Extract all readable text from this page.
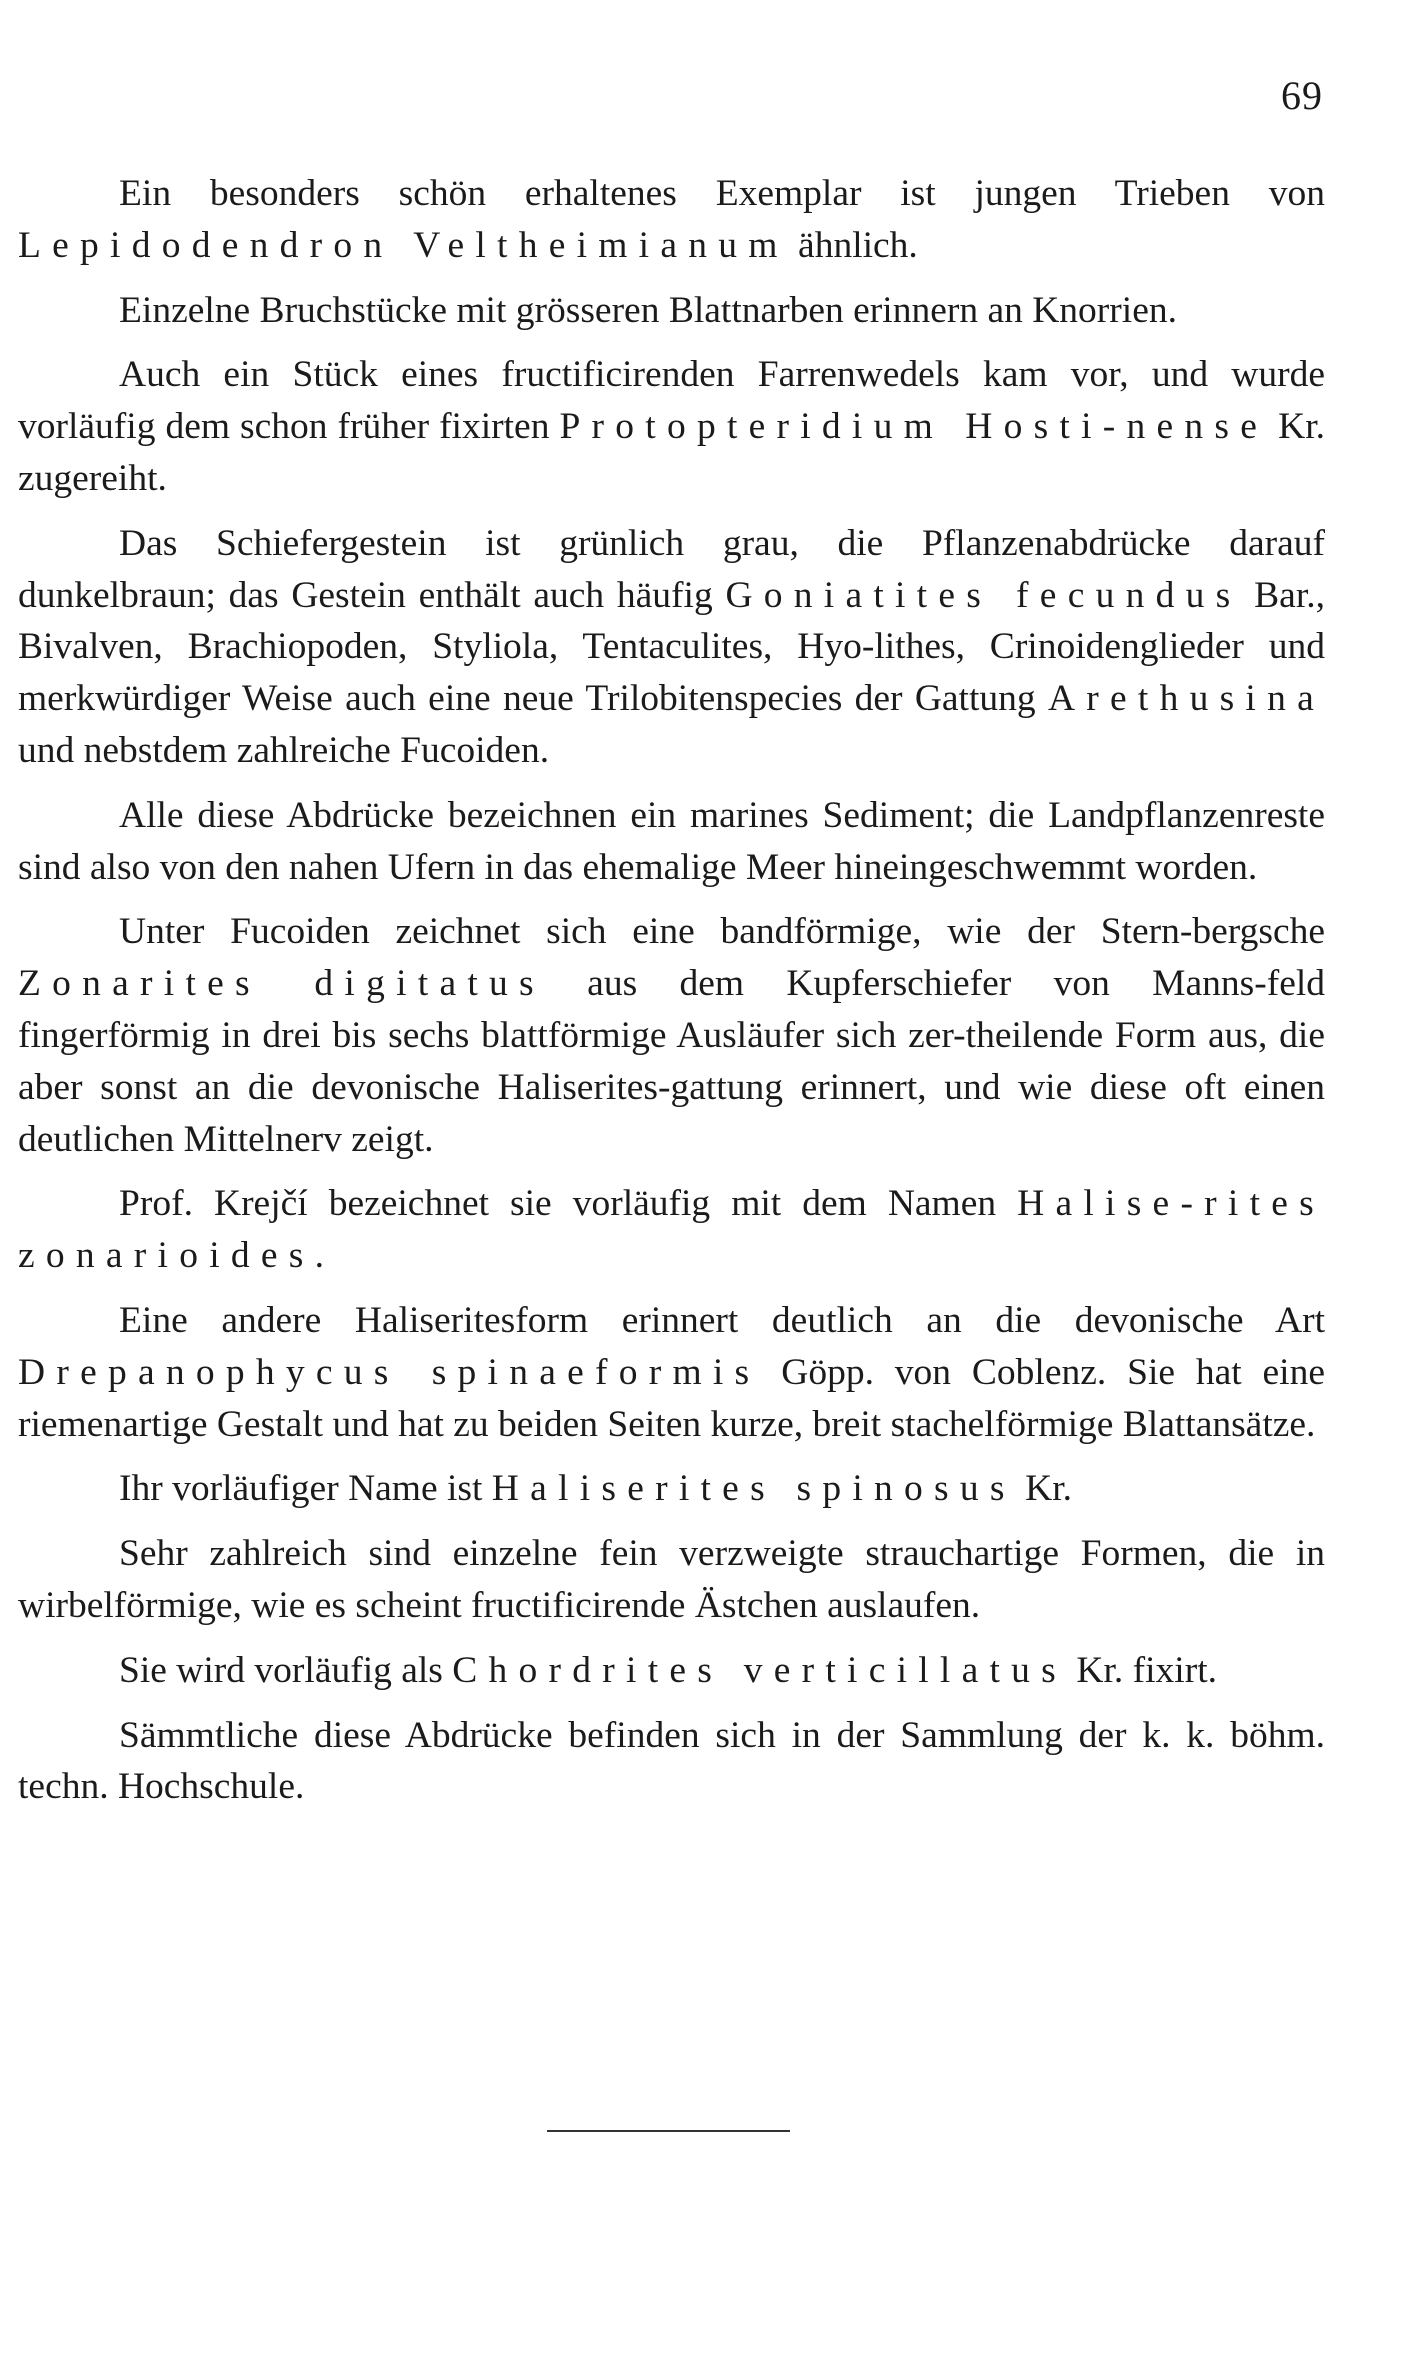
69

Ein besonders schön erhaltenes Exemplar ist jungen Trieben von Lepidodendron Veltheimianum ähnlich.

Einzelne Bruchstücke mit grösseren Blattnarben erinnern an Knorrien.

Auch ein Stück eines fructificirenden Farrenwedels kam vor, und wurde vorläufig dem schon früher fixirten Protopteridium Hosti-nense Kr. zugereiht.

Das Schiefergestein ist grünlich grau, die Pflanzenabdrücke darauf dunkelbraun; das Gestein enthält auch häufig Goniatites fecundus Bar., Bivalven, Brachiopoden, Styliola, Tentaculites, Hyo-lithes, Crinoidenglieder und merkwürdiger Weise auch eine neue Trilobitenspecies der Gattung Arethusina und nebstdem zahlreiche Fucoiden.

Alle diese Abdrücke bezeichnen ein marines Sediment; die Landpflanzenreste sind also von den nahen Ufern in das ehemalige Meer hineingeschwemmt worden.

Unter Fucoiden zeichnet sich eine bandförmige, wie der Stern-bergsche Zonarites digitatus aus dem Kupferschiefer von Manns-feld fingerförmig in drei bis sechs blattförmige Ausläufer sich zer-theilende Form aus, die aber sonst an die devonische Haliserites-gattung erinnert, und wie diese oft einen deutlichen Mittelnerv zeigt.

Prof. Krejčí bezeichnet sie vorläufig mit dem Namen Halise-rites zonarioides.

Eine andere Haliseritesform erinnert deutlich an die devonische Art Drepanophycus spinaeformis Göpp. von Coblenz. Sie hat eine riemenartige Gestalt und hat zu beiden Seiten kurze, breit stachelförmige Blattansätze.

Ihr vorläufiger Name ist Haliserites spinosus Kr.

Sehr zahlreich sind einzelne fein verzweigte strauchartige Formen, die in wirbelförmige, wie es scheint fructificirende Ästchen auslaufen.

Sie wird vorläufig als Chordrites verticillatus Kr. fixirt.

Sämmtliche diese Abdrücke befinden sich in der Sammlung der k. k. böhm. techn. Hochschule.
